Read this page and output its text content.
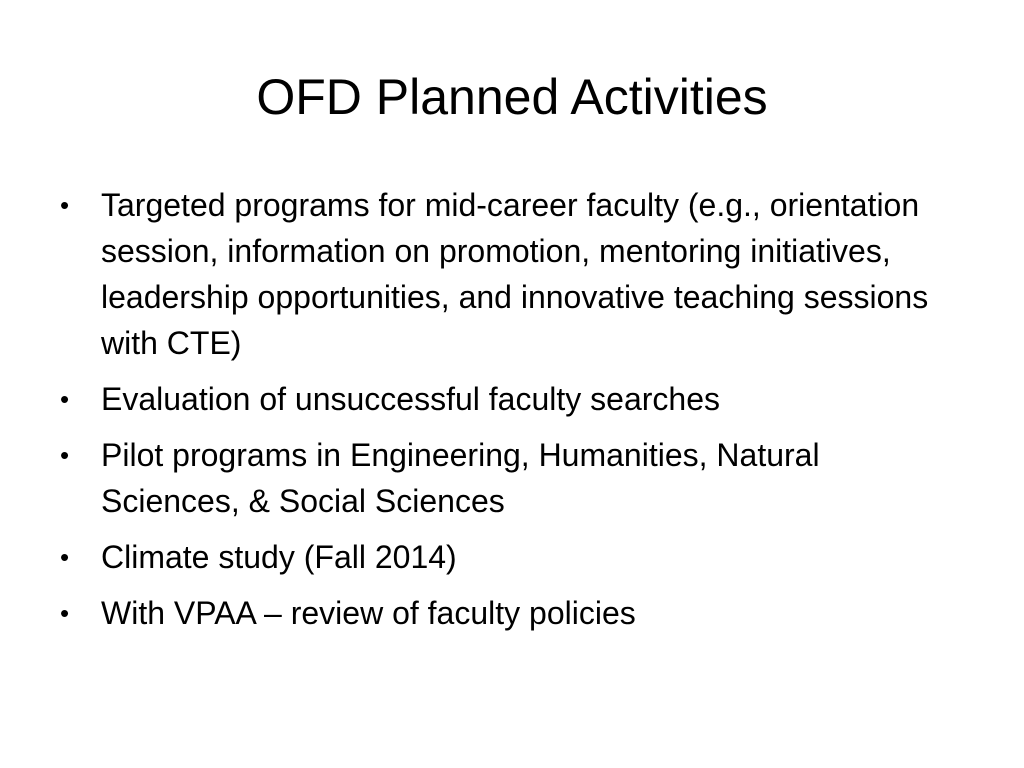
OFD Planned Activities
• Targeted programs for mid-career faculty (e.g., orientation session, information on promotion, mentoring initiatives, leadership opportunities, and innovative teaching sessions with CTE)
• Evaluation of unsuccessful faculty searches
• Pilot programs in Engineering, Humanities, Natural Sciences, & Social Sciences
• Climate study (Fall 2014)
• With VPAA – review of faculty policies
